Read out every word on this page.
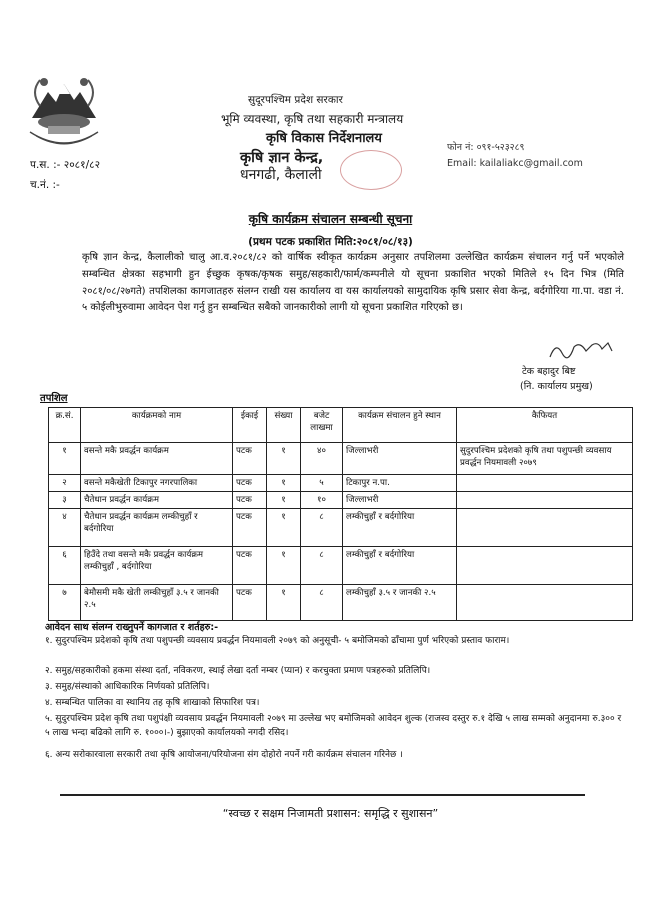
सुदूरपश्चिम प्रदेश सरकार
भूमि व्यवस्था, कृषि तथा सहकारी मन्त्रालय
कृषि विकास निर्देशनालय
कृषि ज्ञान केन्द्र,
धनगढी, कैलाली
फोन नं: ०९१-५२३२८९
Email: kailaliakc@gmail.com
प.स. :- २०८१/८२
च.नं. :-
कृषि कार्यक्रम संचालन सम्बन्धी सूचना
(प्रथम पटक प्रकाशित मिति:२०८१/०८/१३)
कृषि ज्ञान केन्द्र, कैलालीको चालु आ.व.२०८१/८२ को वार्षिक स्वीकृत कार्यक्रम अनुसार तपशिलमा उल्लेखित कार्यक्रम संचालन गर्नु पर्ने भएकोले सम्बन्धित क्षेत्रका सहभागी हुन ईच्छुक कृषक/कृषक समुह/सहकारी/फार्म/कम्पनीले यो सूचना प्रकाशित भएको मितिले १५ दिन भित्र (मिति २०८१/०८/२७गते) तपशिलका कागजातहरु संलग्न राखी यस कार्यालय वा यस कार्यालयको सामुदायिक कृषि प्रसार सेवा केन्द्र, बर्दगोरिया गा.पा. वडा नं. ५ कोईलीभुरुवामा आवेदन पेश गर्नु हुन सम्बन्धित सबैको जानकारीको लागी यो सूचना प्रकाशित गरिएको छ।
टेक बहादुर बिष्ट
(नि. कार्यालय प्रमुख)
तपशिल
क्र.सं.	कार्यक्रमको नाम	ईकाई	संख्या	बजेट लाखमा	कार्यक्रम संचालन हुने स्थान	कैफियत
१	वसन्ते मकै प्रवर्द्धन कार्यक्रम	पटक	१	४०	जिल्लाभरी	सुदुरपश्चिम प्रदेशको कृषि तथा पशुपन्छी व्यवसाय प्रवर्द्धन नियमावली २०७९
२	वसन्ते मकैखेती टिकापुर नगरपालिका	पटक	१	५	टिकापुर न.पा.	
३	चैतेधान प्रवर्द्धन कार्यक्रम	पटक	१	१०	जिल्लाभरी	
४	चैतेधान प्रवर्द्धन कार्यक्रम लम्कीचुहाँ र बर्दगोरिया	पटक	१	८	लम्कीचुहाँ र बर्दगोरिया	
६	हिउँदे तथा वसन्ते मकै प्रवर्द्धन कार्यक्रम लम्कीचुहाँ , बर्दगोरिया	पटक	१	८	लम्कीचुहाँ र बर्दगोरिया	
७	बेमौसमी मकै खेती लम्कीचुहाँ ३.५ र जानकी २.५	पटक	१	८	लम्कीचुहाँ ३.५ र जानकी २.५	
आवेदन साथ संलग्न राख्नुपर्ने कागजात र शर्तहरु:-
१. सुदुरपश्चिम प्रदेशको कृषि तथा पशुपन्छी व्यवसाय प्रवर्द्धन नियमावली २०७९ को अनुसूची- ५ बमोजिमको ढाँचामा पुर्ण भरिएको प्रस्ताव फाराम।
२. समुह/सहकारीको हकमा संस्था दर्ता, नविकरण, स्थाई लेखा दर्ता नम्बर (प्यान) र करचुक्ता प्रमाण पत्रहरुको प्रतिलिपि।
३. समुह/संस्थाको आधिकारिक निर्णयको प्रतिलिपि।
४. सम्बन्धित पालिका वा स्थानिय तह कृषि शाखाको सिफारिश पत्र।
५. सुदुरपश्चिम प्रदेश कृषि तथा पशुपंक्षी व्यवसाय प्रवर्द्धन नियमावली २०७९ मा उल्लेख भए बमोजिमको आवेदन शुल्क (राजस्व दस्तुर रु.१ देखि ५ लाख सम्मको अनुदानमा रु.३०० र ५ लाख भन्दा बढिको लागि रु. १०००।-) बुझाएको कार्यालयको नगदी रसिद।
६. अन्य सरोकारवाला सरकारी तथा कृषि आयोजना/परियोजना संग दोहोरो नपर्ने गरी कार्यक्रम संचालन गरिनेछ ।
“स्वच्छ र सक्षम निजामती प्रशासन: समृद्धि र सुशासन”
